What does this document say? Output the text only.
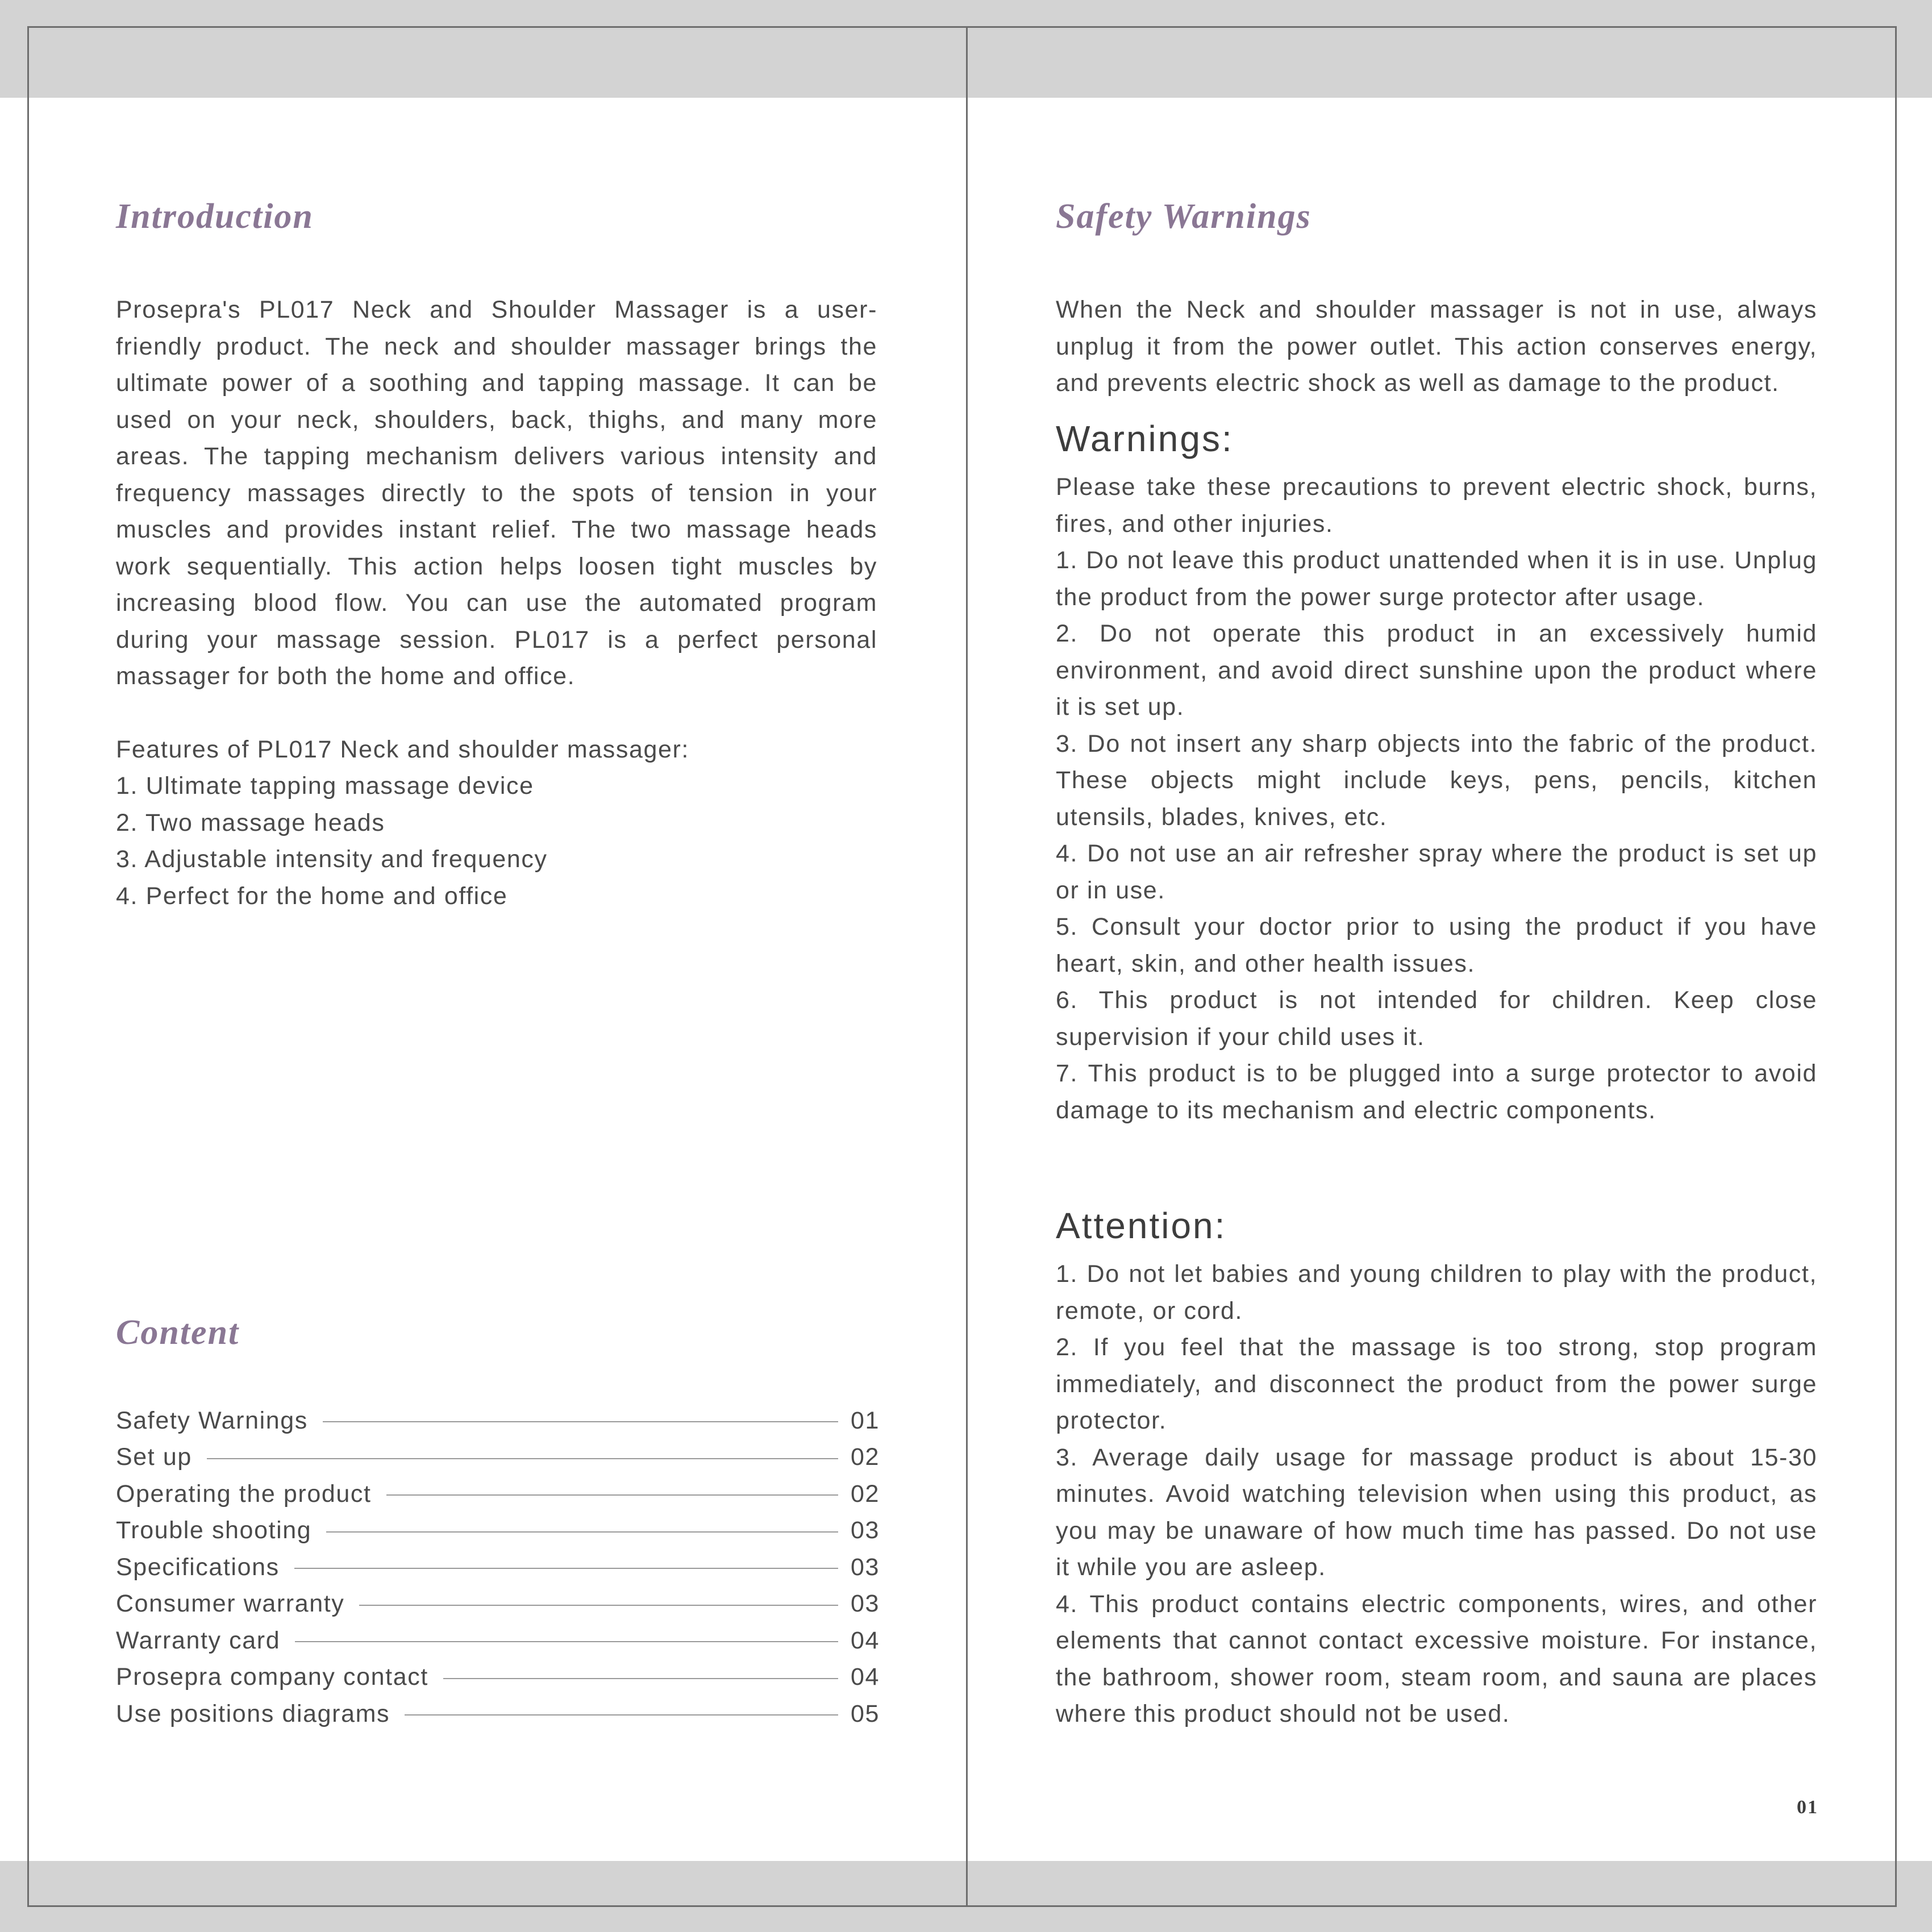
Introduction

Prosepra's PL017 Neck and Shoulder Massager is a user-friendly product. The neck and shoulder massager brings the ultimate power of a soothing and tapping massage. It can be used on your neck, shoulders, back, thighs, and many more areas. The tapping mechanism delivers various intensity and frequency massages directly to the spots of tension in your muscles and provides instant relief. The two massage heads work sequentially. This action helps loosen tight muscles by increasing blood flow. You can use the automated program during your massage session. PL017 is a perfect personal massager for both the home and office.

Features of PL017 Neck and shoulder massager:

1. Ultimate tapping massage device

2. Two massage heads

3. Adjustable intensity and frequency

4. Perfect for the home and office

Content
Safety Warnings	01
Set up	02
Operating the product	02
Trouble shooting	03
Specifications	03
Consumer warranty	03
Warranty card	04
Prosepra company contact	04
Use positions diagrams	05
Safety Warnings

When the Neck and shoulder massager is not in use, always unplug it from the power outlet. This action conserves energy, and prevents electric shock as well as damage to the product.

Warnings:

Please take these precautions to prevent electric shock, burns, fires, and other injuries.

1. Do not leave this product unattended when it is in use. Unplug the product from the power surge protector after usage.

2. Do not operate this product in an excessively humid environment, and avoid direct sunshine upon the product where it is set up.

3. Do not insert any sharp objects into the fabric of the product. These objects might include keys, pens, pencils, kitchen utensils, blades, knives, etc.

4. Do not use an air refresher spray where the product is set up or in use.

5. Consult your doctor prior to using the product if you have heart, skin, and other health issues.

6. This product is not intended for children. Keep close supervision if your child uses it.

7. This product is to be plugged into a surge protector to avoid damage to its mechanism and electric components.

Attention:

1. Do not let babies and young children to play with the product, remote, or cord.

2. If you feel that the massage is too strong, stop program immediately, and disconnect the product from the power surge protector.

3. Average daily usage for massage product is about 15-30 minutes. Avoid watching television when using this product, as you may be unaware of how much time has passed. Do not use it while you are asleep.

4. This product contains electric components, wires, and other elements that cannot contact excessive moisture. For instance, the bathroom, shower room, steam room, and sauna are places where this product should not be used.

01
